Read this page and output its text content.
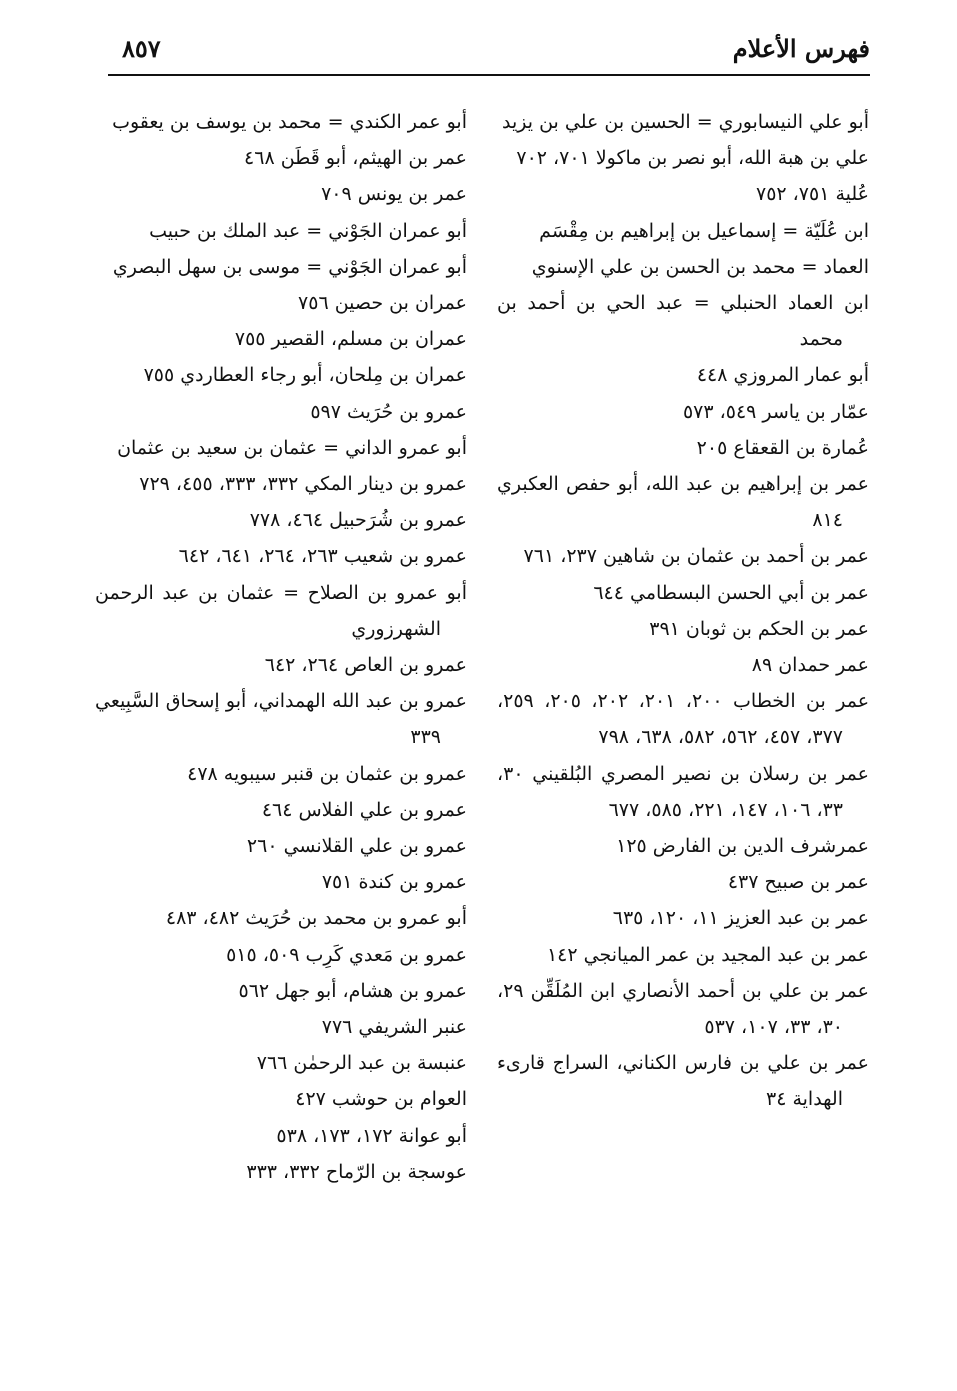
فهرس الأعلام
٨٥٧

أبو علي النيسابوري = الحسين بن علي بن يزيد

علي بن هبة الله، أبو نصر بن ماكولا ٧٠١، ٧٠٢

عُلية ٧٥١، ٧٥٢

ابن عُلَيّة = إسماعيل بن إبراهيم بن مِقْسَم

العماد = محمد بن الحسن بن علي الإسنوي

ابن العماد الحنبلي = عبد الحي بن أحمد بن محمد

أبو عمار المروزي ٤٤٨

عمّار بن ياسر ٥٤٩، ٥٧٣

عُمارة بن القعقاع ٢٠٥

عمر بن إبراهيم بن عبد الله، أبو حفص العكبري ٨١٤

عمر بن أحمد بن عثمان بن شاهين ٢٣٧، ٧٦١

عمر بن أبي الحسن البسطامي ٦٤٤

عمر بن الحكم بن ثوبان ٣٩١

عمر حمدان ٨٩

عمر بن الخطاب ٢٠٠، ٢٠١، ٢٠٢، ٢٠٥، ٢٥٩، ٣٧٧، ٤٥٧، ٥٦٢، ٥٨٢، ٦٣٨، ٧٩٨

عمر بن رسلان بن نصير المصري البُلقيني ٣٠، ٣٣، ١٠٦، ١٤٧، ٢٢١، ٥٨٥، ٦٧٧

عمرشرف الدين بن الفارض ١٢٥

عمر بن صبيح ٤٣٧

عمر بن عبد العزيز ١١، ١٢٠، ٦٣٥

عمر بن عبد المجيد بن عمر الميانجي ١٤٢

عمر بن علي بن أحمد الأنصاري ابن المُلَقِّن ٢٩، ٣٠، ٣٣، ١٠٧، ٥٣٧

عمر بن علي بن فارس الكناني، السراج قارىء الهداية ٣٤

أبو عمر الكندي = محمد بن يوسف بن يعقوب

عمر بن الهيثم، أبو قَطَن ٤٦٨

عمر بن يونس ٧٠٩

أبو عمران الجَوْني = عبد الملك بن حبيب

أبو عمران الجَوْني = موسى بن سهل البصري

عمران بن حصين ٧٥٦

عمران بن مسلم، القصير ٧٥٥

عمران بن مِلحان، أبو رجاء العطاردي ٧٥٥

عمرو بن حُرَيث ٥٩٧

أبو عمرو الداني = عثمان بن سعيد بن عثمان

عمرو بن دينار المكي ٣٣٢، ٣٣٣، ٤٥٥، ٧٢٩

عمرو بن شُرَحبيل ٤٦٤، ٧٧٨

عمرو بن شعيب ٢٦٣، ٢٦٤، ٦٤١، ٦٤٢

أبو عمرو بن الصلاح = عثمان بن عبد الرحمن الشهرزوري

عمرو بن العاص ٢٦٤، ٦٤٢

عمرو بن عبد الله الهمداني، أبو إسحاق السَّبِيعي ٣٣٩

عمرو بن عثمان بن قنبر سيبويه ٤٧٨

عمرو بن علي الفلاس ٤٦٤

عمرو بن علي القلانسي ٢٦٠

عمرو بن كندة ٧٥١

أبو عمرو بن محمد بن حُرَيث ٤٨٢، ٤٨٣

عمرو بن مَعدي كَرِب ٥٠٩، ٥١٥

عمرو بن هشام، أبو جهل ٥٦٢

عنبر الشريفي ٧٧٦

عنبسة بن عبد الرحمٰن ٧٦٦

العوام بن حوشب ٤٢٧

أبو عوانة ١٧٢، ١٧٣، ٥٣٨

عوسجة بن الرّماح ٣٣٢، ٣٣٣
